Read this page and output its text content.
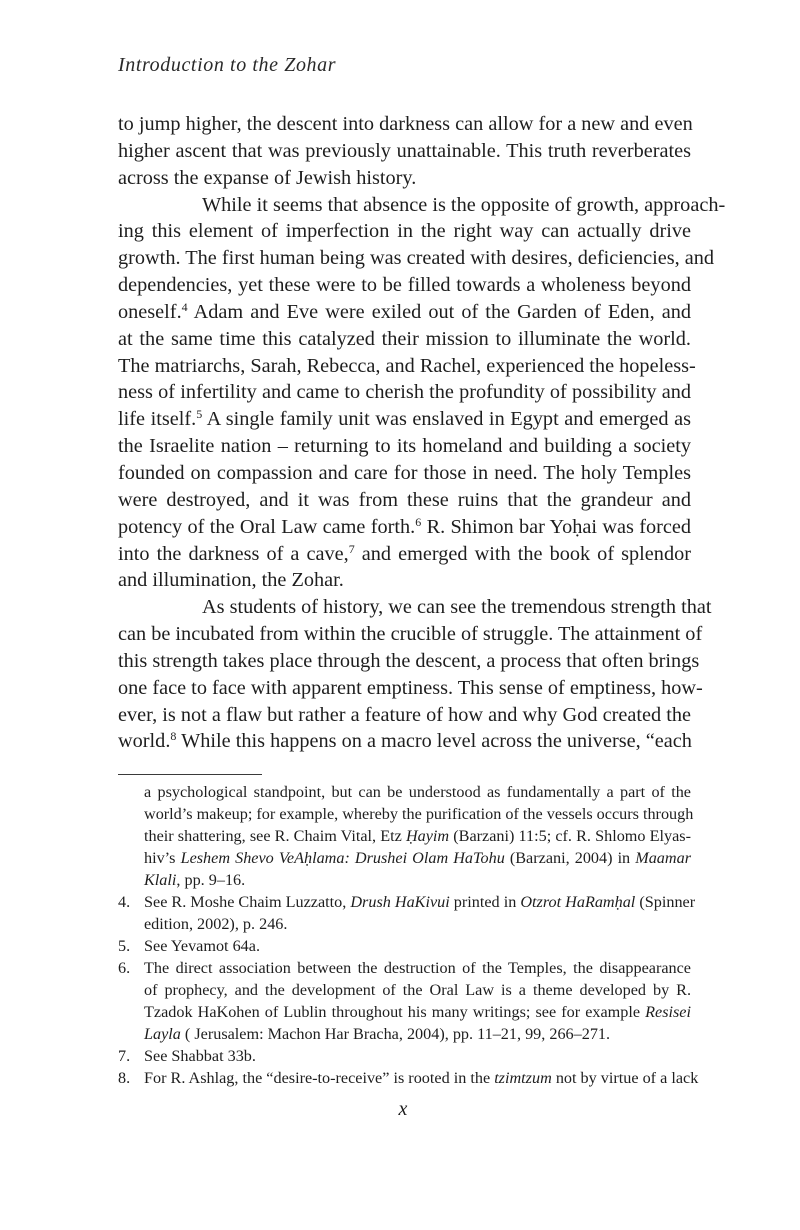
Introduction to the Zohar
to jump higher, the descent into darkness can allow for a new and even
higher ascent that was previously unattainable. This truth reverberates
across the expanse of Jewish history.
While it seems that absence is the opposite of growth, approach-
ing this element of imperfection in the right way can actually drive
growth. The first human being was created with desires, deficiencies, and
dependencies, yet these were to be filled towards a wholeness beyond
oneself.$^4$ Adam and Eve were exiled out of the Garden of Eden, and
at the same time this catalyzed their mission to illuminate the world.
The matriarchs, Sarah, Rebecca, and Rachel, experienced the hopeless-
ness of infertility and came to cherish the profundity of possibility and
life itself.$^5$ A single family unit was enslaved in Egypt and emerged as
the Israelite nation – returning to its homeland and building a society
founded on compassion and care for those in need. The holy Temples
were destroyed, and it was from these ruins that the grandeur and
potency of the Oral Law came forth.$^6$ R. Shimon bar Yoḥai was forced
into the darkness of a cave,$^7$ and emerged with the book of splendor
and illumination, the Zohar.
As students of history, we can see the tremendous strength that
can be incubated from within the crucible of struggle. The attainment of
this strength takes place through the descent, a process that often brings
one face to face with apparent emptiness. This sense of emptiness, how-
ever, is not a flaw but rather a feature of how and why God created the
world.$^8$ While this happens on a macro level across the universe, “each
a psychological standpoint, but can be understood as fundamentally a part of the
world’s makeup; for example, whereby the purification of the vessels occurs through
their shattering, see R. Chaim Vital, Etz Ḥayim (Barzani) 11:5; cf. R. Shlomo Elyas-
hiv’s Leshem Shevo VeAḥlama: Drushei Olam HaTohu (Barzani, 2004) in Maamar
Klali, pp. 9–16.
4. See R. Moshe Chaim Luzzatto, Drush HaKivui printed in Otzrot HaRamḥal (Spinner
edition, 2002), p. 246.
5. See Yevamot 64a.
6. The direct association between the destruction of the Temples, the disappearance
of prophecy, and the development of the Oral Law is a theme developed by R.
Tzadok HaKohen of Lublin throughout his many writings; see for example Resisei
Layla ( Jerusalem: Machon Har Bracha, 2004), pp. 11–21, 99, 266–271.
7. See Shabbat 33b.
8. For R. Ashlag, the “desire-to-receive” is rooted in the tzimtzum not by virtue of a lack
x
